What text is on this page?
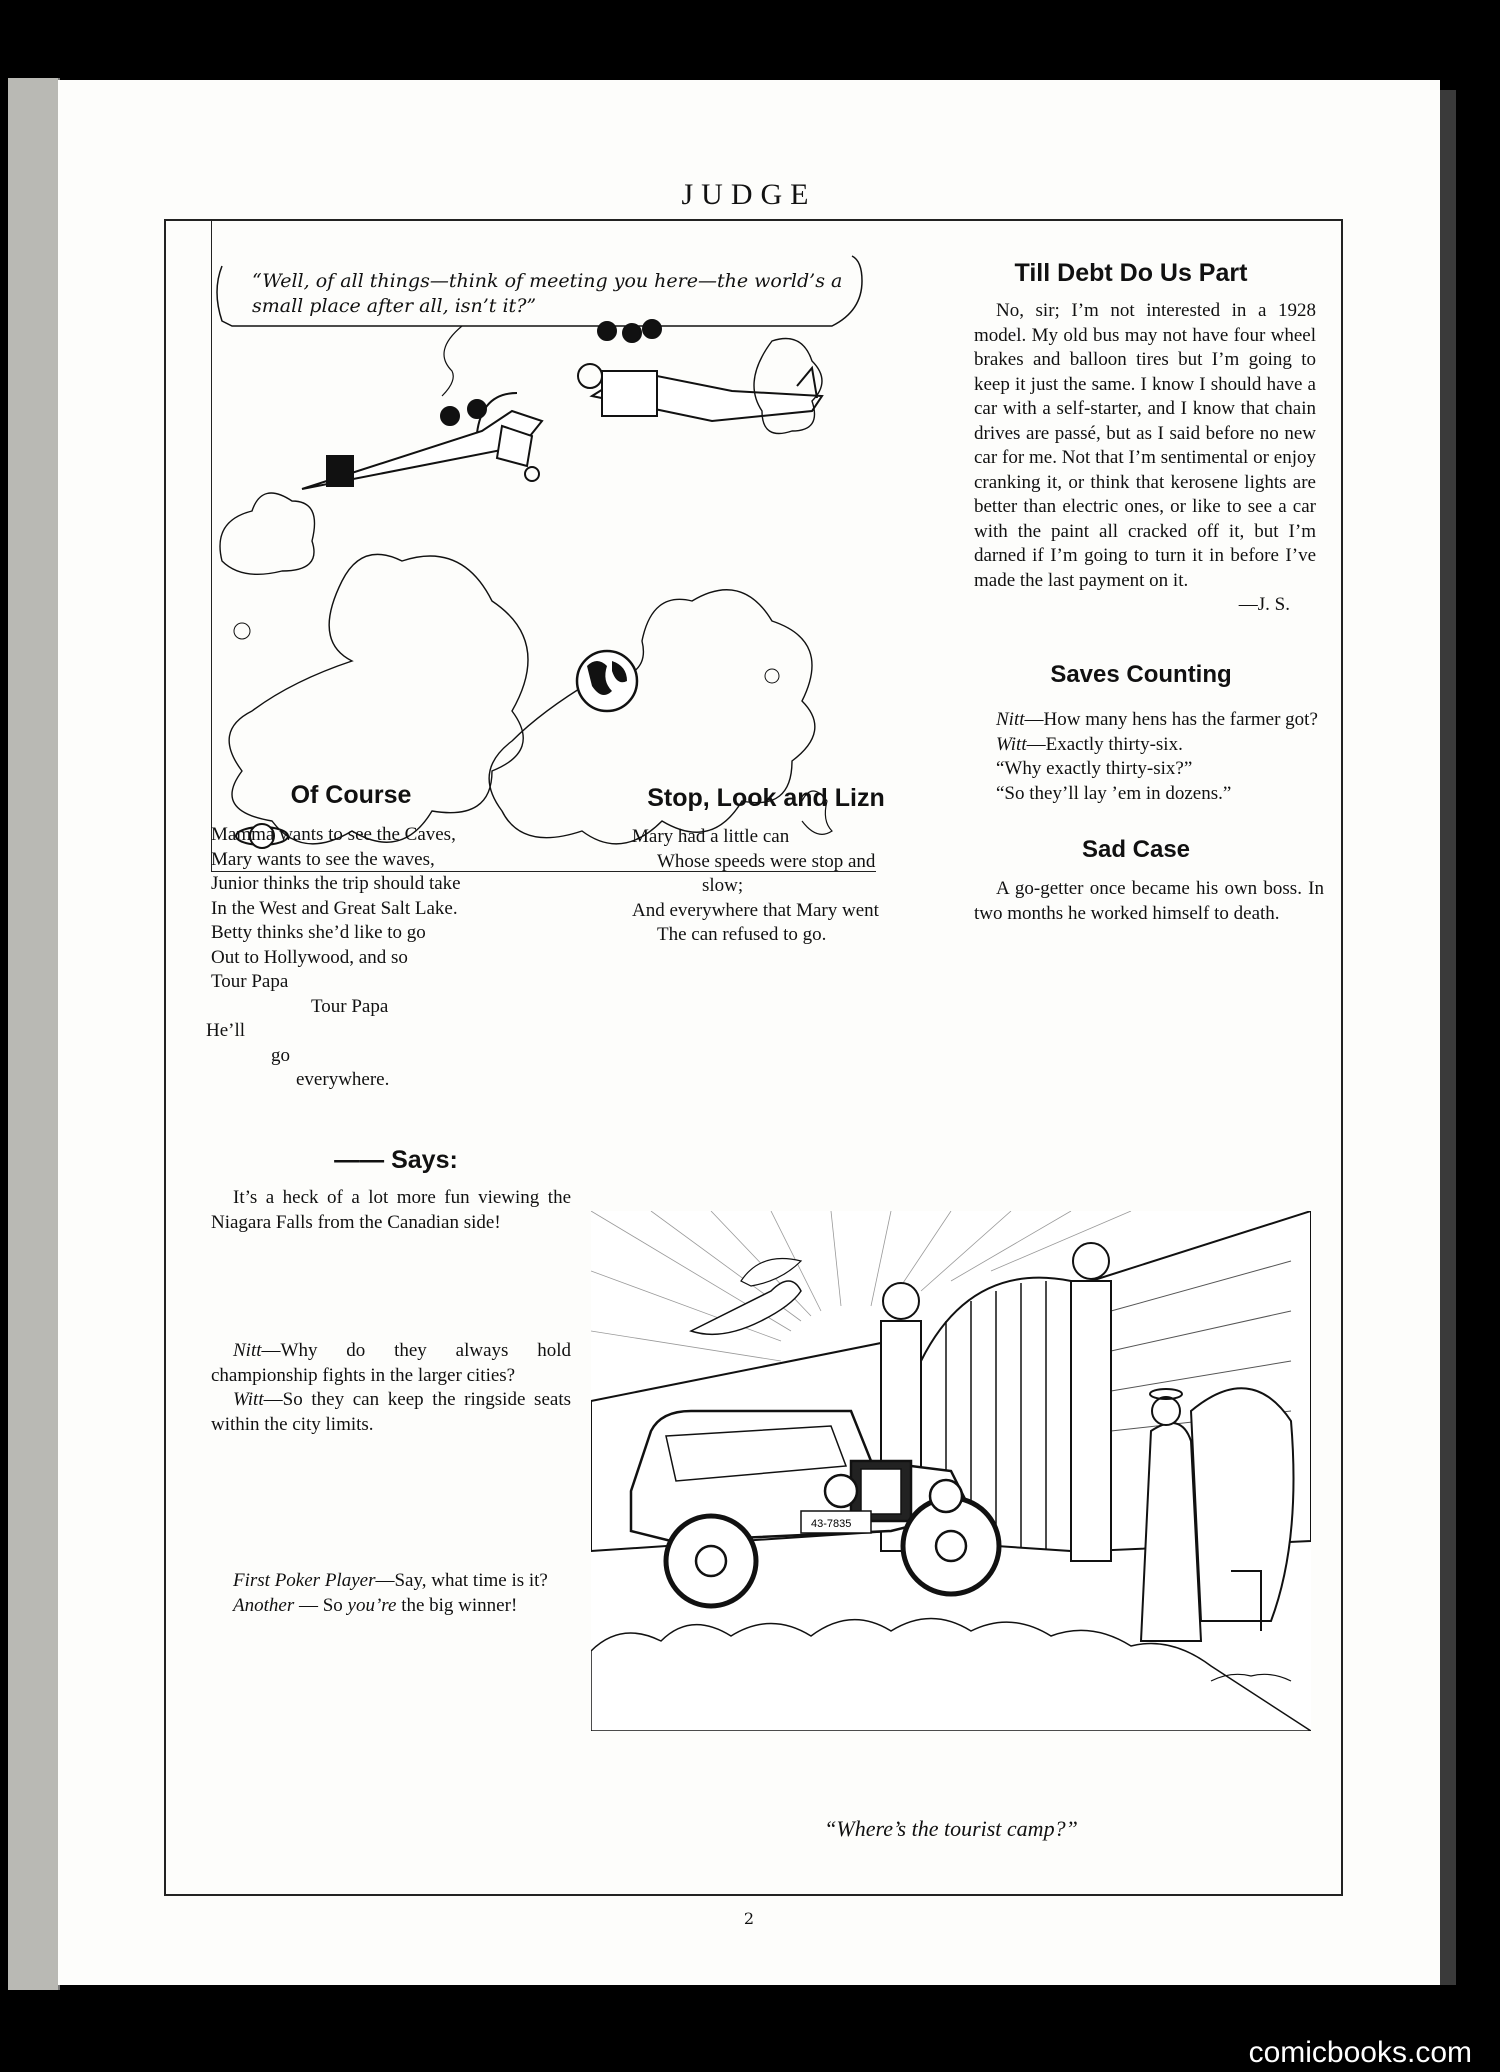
JUDGE
“Well, of all things—think of meeting you here—the world’s a small place after all, isn’t it?”
Till Debt Do Us Part

No, sir; I’m not interested in a 1928 model. My old bus may not have four wheel brakes and balloon tires but I’m going to keep it just the same. I know I should have a car with a self-starter, and I know that chain drives are passé, but as I said before no new car for me. Not that I’m sentimental or enjoy cranking it, or think that kerosene lights are better than electric ones, or like to see a car with the paint all cracked off it, but I’m darned if I’m going to turn it in before I’ve made the last payment on it.

—J. S.

Saves Counting

Nitt—How many hens has the farmer got?

Witt—Exactly thirty-six.

“Why exactly thirty-six?”

“So they’ll lay ’em in dozens.”

Of Course
Mamma wants to see the Caves,
Mary wants to see the waves,
Junior thinks the trip should take
In the West and Great Salt Lake.
Betty thinks she’d like to go
Out to Hollywood, and so
Tour Papa
Tour Papa
He’ll
go
everywhere.
Stop, Look and Lizn
Mary had a little can
Whose speeds were stop and
slow;
And everywhere that Mary went
The can refused to go.
Sad Case

A go-getter once became his own boss. In two months he worked himself to death.

—— Says:

It’s a heck of a lot more fun viewing the Niagara Falls from the Canadian side!

Nitt—Why do they always hold championship fights in the larger cities?

Witt—So they can keep the ringside seats within the city limits.

First Poker Player—Say, what time is it?

Another — So you’re the big winner!

43-7835
“Where’s the tourist camp?”
2
comicbooks.com
